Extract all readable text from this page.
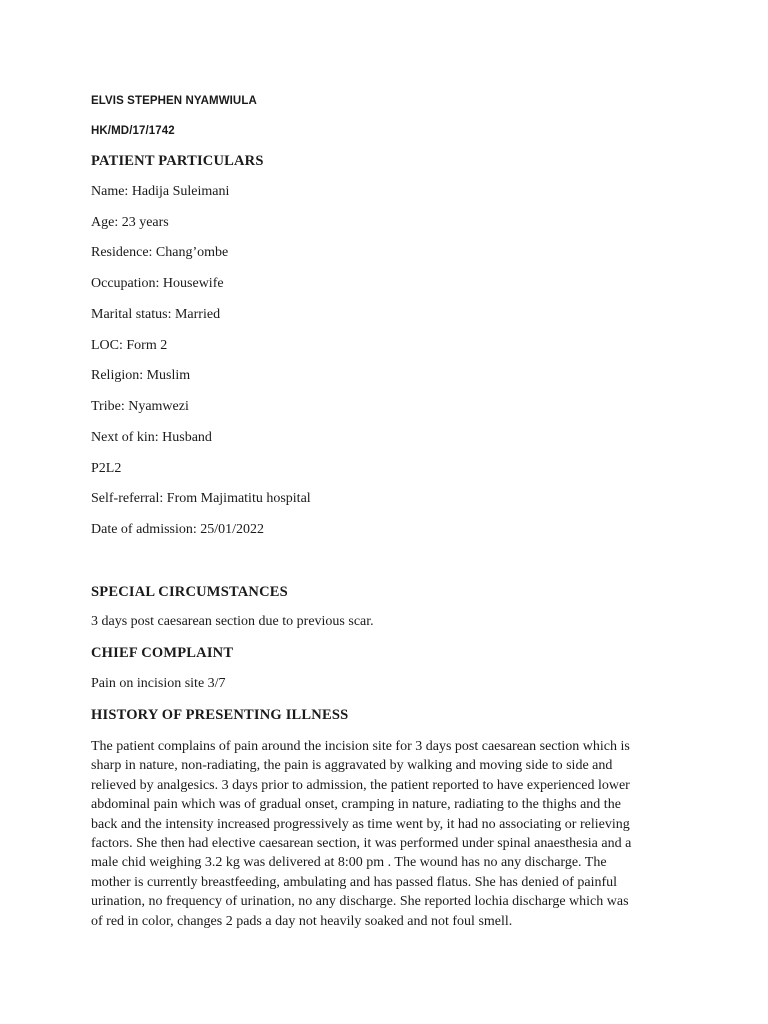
ELVIS STEPHEN NYAMWIULA
HK/MD/17/1742
PATIENT PARTICULARS
Name: Hadija Suleimani
Age: 23 years
Residence: Chang’ombe
Occupation: Housewife
Marital status: Married
LOC: Form 2
Religion: Muslim
Tribe: Nyamwezi
Next of kin: Husband
P2L2
Self-referral: From Majimatitu hospital
Date of admission: 25/01/2022
SPECIAL CIRCUMSTANCES
3 days post caesarean section due to previous scar.
CHIEF COMPLAINT
Pain on incision site 3/7
HISTORY OF PRESENTING ILLNESS
The patient complains of pain around the incision site for 3 days post caesarean section which is
sharp in nature, non-radiating, the pain is aggravated by walking and moving side to side and
relieved by analgesics. 3 days prior to admission, the patient reported to have experienced lower
abdominal pain which was of gradual onset, cramping in nature, radiating to the thighs and the
back and the intensity increased progressively as time went by, it had no associating or relieving
factors. She then had elective caesarean section, it was performed under spinal anaesthesia and a
male chid weighing 3.2 kg was delivered at 8:00 pm . The wound has no any discharge. The
mother is currently breastfeeding, ambulating and has passed flatus. She has denied of painful
urination, no frequency of urination, no any discharge. She reported lochia discharge which was
of red in color, changes 2 pads a day not heavily soaked and not foul smell.
